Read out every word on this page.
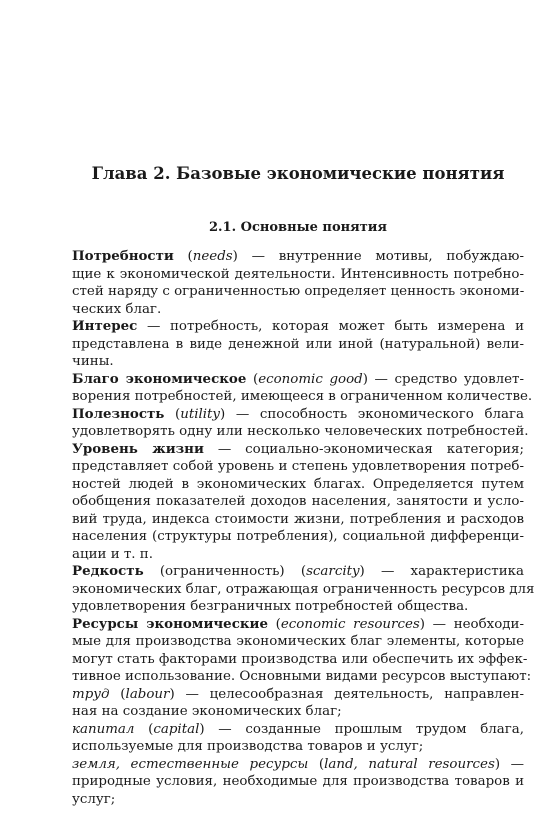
Глава 2. Базовые экономические понятия
2.1. Основные понятия
Потребности (needs) — внутренние мотивы, побуждаю-
щие к экономической деятельности. Интенсивность потребно-
стей наряду с ограниченностью определяет ценность экономи-
ческих благ.
Интерес — потребность, которая может быть измерена и
представлена в виде денежной или иной (натуральной) вели-
чины.
Благо экономическое (economic good) — средство удовлет-
ворения потребностей, имеющееся в ограниченном количестве.
Полезность (utility) — способность экономического блага
удовлетворять одну или несколько человеческих потребностей.
Уровень жизни — социально-экономическая категория;
представляет собой уровень и степень удовлетворения потреб-
ностей людей в экономических благах. Определяется путем
обобщения показателей доходов населения, занятости и усло-
вий труда, индекса стоимости жизни, потребления и расходов
населения (структуры потребления), социальной дифференци-
ации и т. п.
Редкость (ограниченность) (scarcity) — характеристика
экономических благ, отражающая ограниченность ресурсов для
удовлетворения безграничных потребностей общества.
Ресурсы экономические (economic resources) — необходи-
мые для производства экономических благ элементы, которые
могут стать факторами производства или обеспечить их эффек-
тивное использование. Основными видами ресурсов выступают:
труд (labour) — целесообразная деятельность, направлен-
ная на создание экономических благ;
капитал (capital) — созданные прошлым трудом блага,
используемые для производства товаров и услуг;
земля, естественные ресурсы (land, natural resources) —
природные условия, необходимые для производства товаров и
услуг;
